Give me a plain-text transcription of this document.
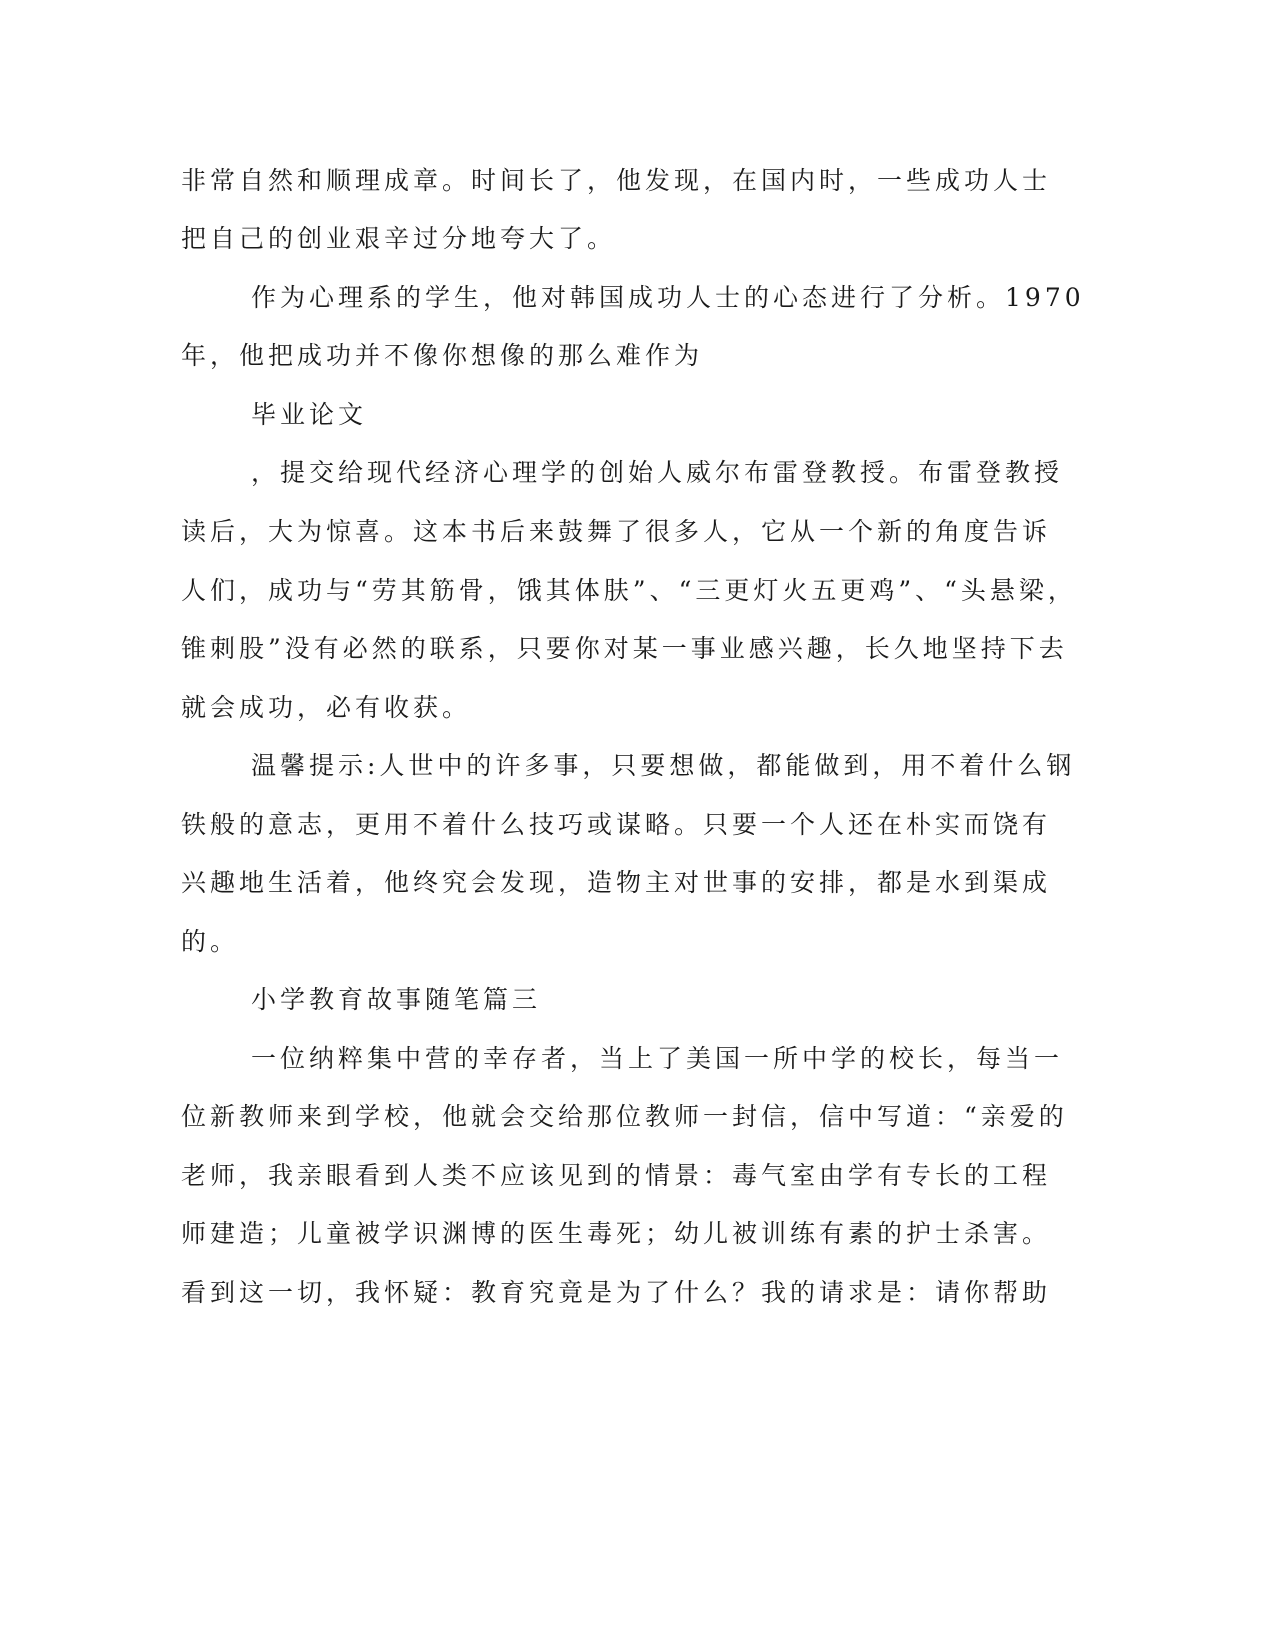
非常自然和顺理成章。时间长了，他发现，在国内时，一些成功人士
把自己的创业艰辛过分地夸大了。
作为心理系的学生，他对韩国成功人士的心态进行了分析。1970
年，他把成功并不像你想像的那么难作为
毕业论文
，提交给现代经济心理学的创始人威尔布雷登教授。布雷登教授
读后，大为惊喜。这本书后来鼓舞了很多人，它从一个新的角度告诉
人们，成功与“劳其筋骨，饿其体肤”、“三更灯火五更鸡”、“头悬梁，
锥刺股”没有必然的联系，只要你对某一事业感兴趣，长久地坚持下去
就会成功，必有收获。
温馨提示:人世中的许多事，只要想做，都能做到，用不着什么钢
铁般的意志，更用不着什么技巧或谋略。只要一个人还在朴实而饶有
兴趣地生活着，他终究会发现，造物主对世事的安排，都是水到渠成
的。
小学教育故事随笔篇三
一位纳粹集中营的幸存者，当上了美国一所中学的校长，每当一
位新教师来到学校，他就会交给那位教师一封信，信中写道：“亲爱的
老师，我亲眼看到人类不应该见到的情景：毒气室由学有专长的工程
师建造；儿童被学识渊博的医生毒死；幼儿被训练有素的护士杀害。
看到这一切，我怀疑：教育究竟是为了什么？我的请求是：请你帮助
